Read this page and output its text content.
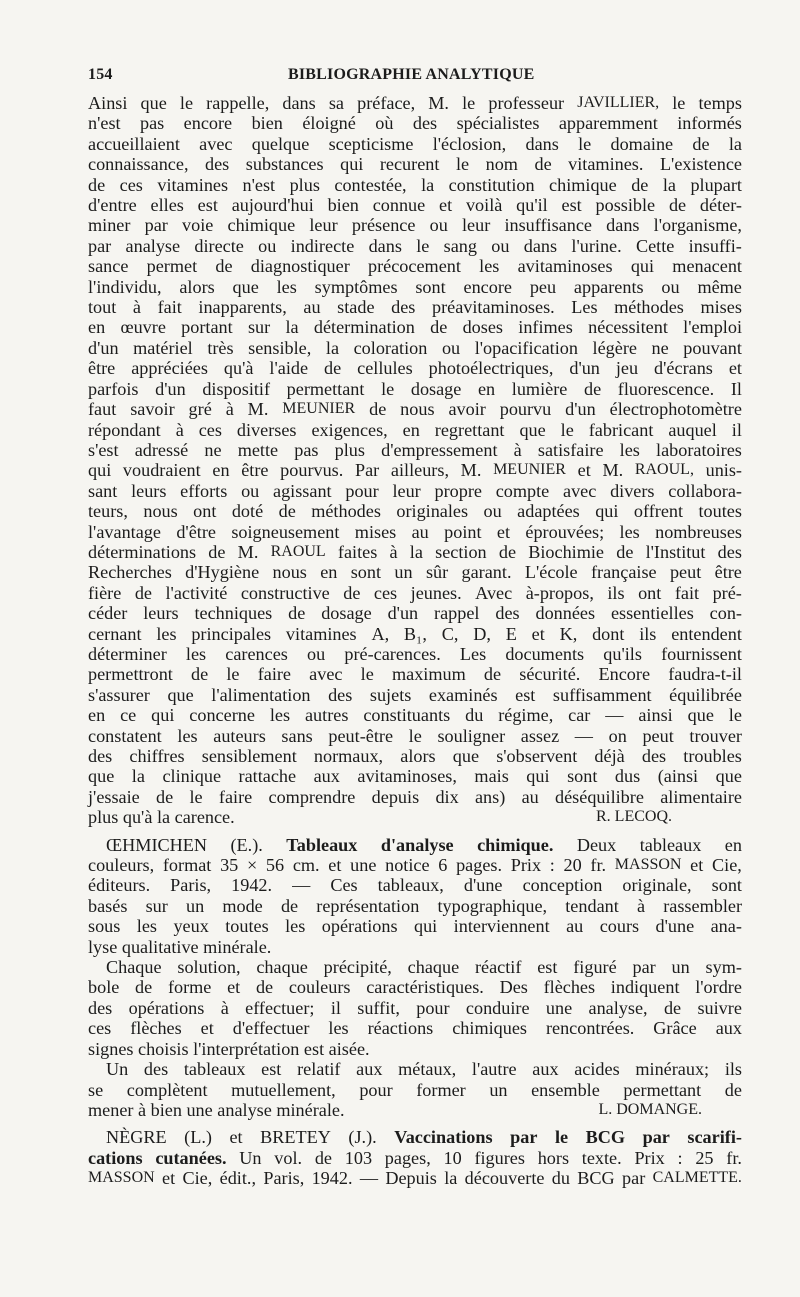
154	BIBLIOGRAPHIE ANALYTIQUE
Ainsi que le rappelle, dans sa préface, M. le professeur JAVILLIER, le temps
n'est pas encore bien éloigné où des spécialistes apparemment informés
accueillaient avec quelque scepticisme l'éclosion, dans le domaine de la
connaissance, des substances qui recurent le nom de vitamines. L'existence
de ces vitamines n'est plus contestée, la constitution chimique de la plupart
d'entre elles est aujourd'hui bien connue et voilà qu'il est possible de déter-
miner par voie chimique leur présence ou leur insuffisance dans l'organisme,
par analyse directe ou indirecte dans le sang ou dans l'urine. Cette insuffi-
sance permet de diagnostiquer précocement les avitaminoses qui menacent
l'individu, alors que les symptômes sont encore peu apparents ou même
tout à fait inapparents, au stade des préavitaminoses. Les méthodes mises
en œuvre portant sur la détermination de doses infimes nécessitent l'emploi
d'un matériel très sensible, la coloration ou l'opacification légère ne pouvant
être appréciées qu'à l'aide de cellules photoélectriques, d'un jeu d'écrans et
parfois d'un dispositif permettant le dosage en lumière de fluorescence. Il
faut savoir gré à M. MEUNIER de nous avoir pourvu d'un électrophotomètre
répondant à ces diverses exigences, en regrettant que le fabricant auquel il
s'est adressé ne mette pas plus d'empressement à satisfaire les laboratoires
qui voudraient en être pourvus. Par ailleurs, M. MEUNIER et M. RAOUL, unis-
sant leurs efforts ou agissant pour leur propre compte avec divers collabora-
teurs, nous ont doté de méthodes originales ou adaptées qui offrent toutes
l'avantage d'être soigneusement mises au point et éprouvées; les nombreuses
déterminations de M. RAOUL faites à la section de Biochimie de l'Institut des
Recherches d'Hygiène nous en sont un sûr garant. L'école française peut être
fière de l'activité constructive de ces jeunes. Avec à-propos, ils ont fait pré-
céder leurs techniques de dosage d'un rappel des données essentielles con-
cernant les principales vitamines A, B₁, C, D, E et K, dont ils entendent
déterminer les carences ou pré-carences. Les documents qu'ils fournissent
permettront de le faire avec le maximum de sécurité. Encore faudra-t-il
s'assurer que l'alimentation des sujets examinés est suffisamment équilibrée
en ce qui concerne les autres constituants du régime, car — ainsi que le
constatent les auteurs sans peut-être le souligner assez — on peut trouver
des chiffres sensiblement normaux, alors que s'observent déjà des troubles
que la clinique rattache aux avitaminoses, mais qui sont dus (ainsi que
j'essaie de le faire comprendre depuis dix ans) au déséquilibre alimentaire
plus qu'à la carence.	R. LECOQ.
ŒHMICHEN (E.). Tableaux d'analyse chimique. Deux tableaux en
couleurs, format 35 × 56 cm. et une notice 6 pages. Prix : 20 fr. MASSON et Cie,
éditeurs. Paris, 1942. — Ces tableaux, d'une conception originale, sont
basés sur un mode de représentation typographique, tendant à rassembler
sous les yeux toutes les opérations qui interviennent au cours d'une ana-
lyse qualitative minérale.
Chaque solution, chaque précipité, chaque réactif est figuré par un sym-
bole de forme et de couleurs caractéristiques. Des flèches indiquent l'ordre
des opérations à effectuer; il suffit, pour conduire une analyse, de suivre
ces flèches et d'effectuer les réactions chimiques rencontrées. Grâce aux
signes choisis l'interprétation est aisée.
Un des tableaux est relatif aux métaux, l'autre aux acides minéraux; ils
se complètent mutuellement, pour former un ensemble permettant de
mener à bien une analyse minérale.	L. DOMANGE.
NÈGRE (L.) et BRETEY (J.). Vaccinations par le BCG par scarifi-
cations cutanées. Un vol. de 103 pages, 10 figures hors texte. Prix : 25 fr.
MASSON et Cie, édit., Paris, 1942. — Depuis la découverte du BCG par CALMETTE.
